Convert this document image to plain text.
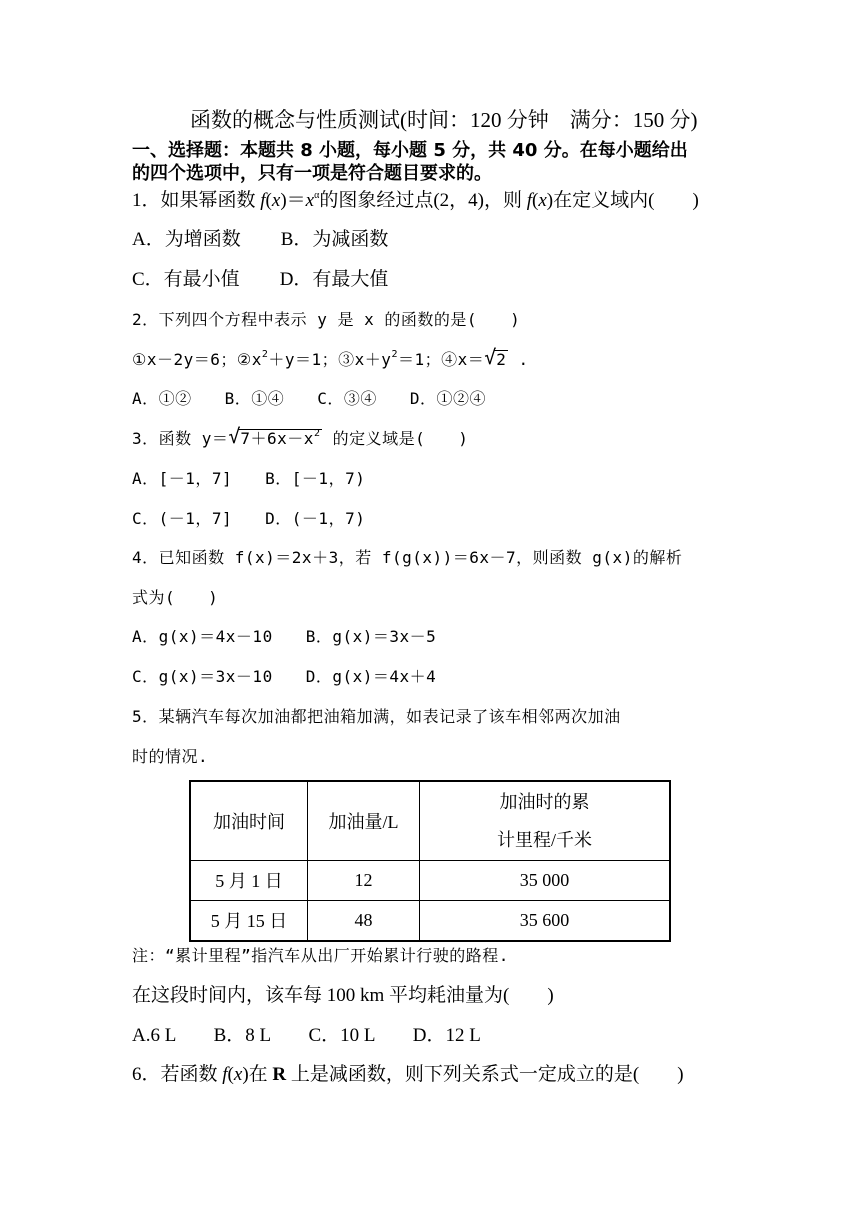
函数的概念与性质测试(时间：120 分钟　满分：150 分)
一、选择题：本题共 8 小题，每小题 5 分，共 40 分。在每小题给出
的四个选项中，只有一项是符合题目要求的。
1．如果幂函数 $f(x)=x^\alpha$的图象经过点(2，4)，则 f(x)在定义域内( )
A．为增函数 B．为减函数
C．有最小值 D．有最大值
2．下列四个方程中表示 y 是 x 的函数的是(　　)
①x－2y＝6；$②x^2+y=1$；$③x+y^2=1$；④x＝ √ 2 .
A．①②　　B．①④　　C．③④　　D．①②④
3．函数 y＝ √ $7+6x-x^2$ 的定义域是(　　)
A．[－1，7]　　B．[－1，7)
C．(－1，7]　　D．(－1，7)
4．已知函数 f(x)＝2x＋3，若 f(g(x))＝6x－7，则函数 g(x)的解析
式为(　　)
A．g(x)＝4x－10　　B．g(x)＝3x－5
C．g(x)＝3x－10　　D．g(x)＝4x＋4
5．某辆汽车每次加油都把油箱加满，如表记录了该车相邻两次加油
时的情况.
加油时间	加油量/L	加油时的累
计里程/千米
5 月 1 日	12	35 000
5 月 15 日	48	35 600
注：“累计里程”指汽车从出厂开始累计行驶的路程.
在这段时间内，该车每 100 km 平均耗油量为(　　)
A.6 L　　B．8 L　　C．10 L　　D．12 L
6．若函数 f(x)在 R 上是减函数，则下列关系式一定成立的是( )
